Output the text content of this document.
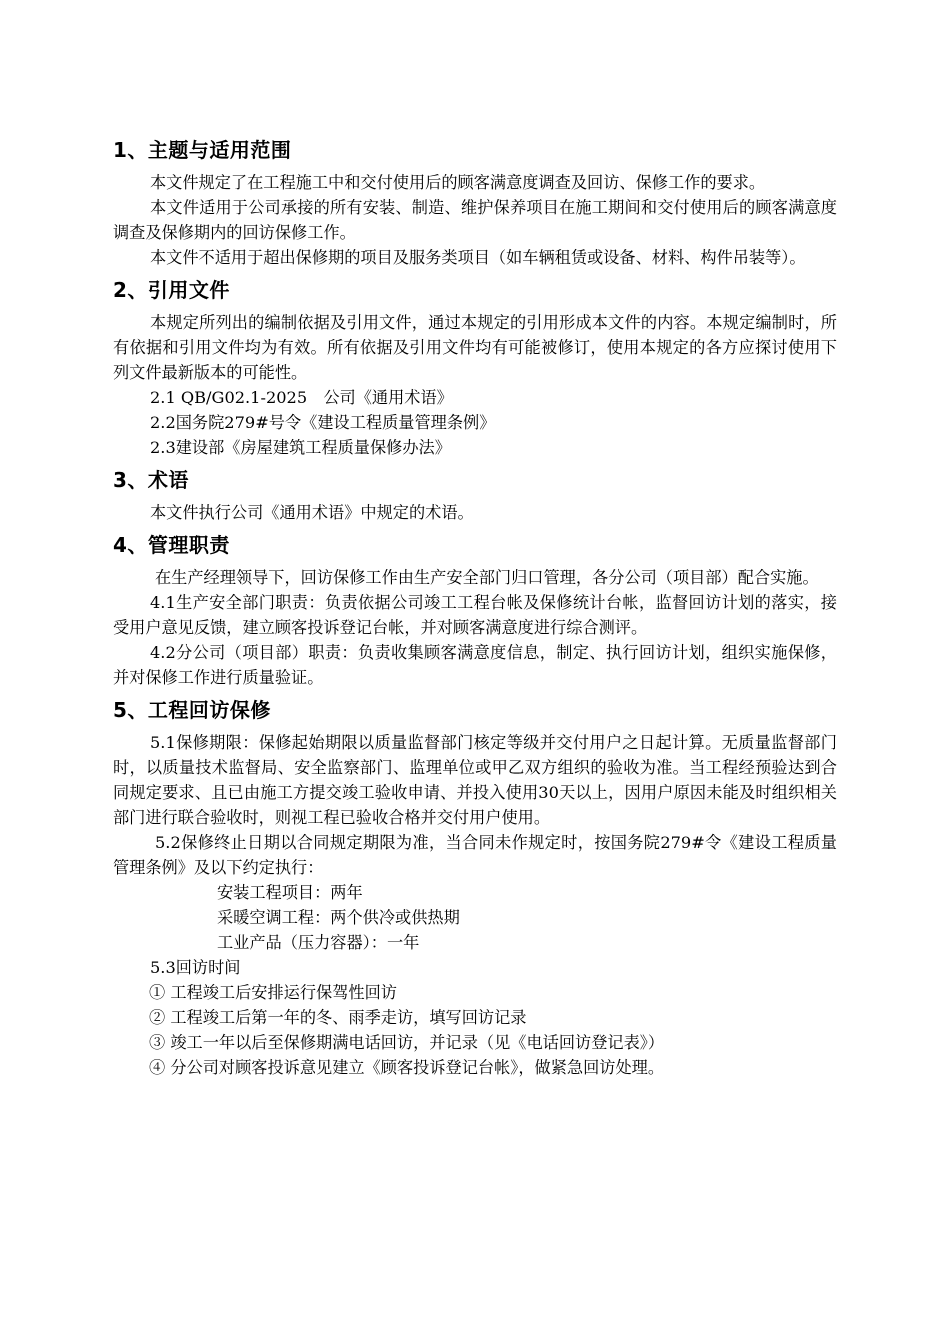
1、主题与适用范围

本文件规定了在工程施工中和交付使用后的顾客满意度调查及回访、保修工作的要求。

本文件适用于公司承接的所有安装、制造、维护保养项目在施工期间和交付使用后的顾客满意度调查及保修期内的回访保修工作。

本文件不适用于超出保修期的项目及服务类项目（如车辆租赁或设备、材料、构件吊装等）。

2、引用文件

本规定所列出的编制依据及引用文件，通过本规定的引用形成本文件的内容。本规定编制时，所有依据和引用文件均为有效。所有依据及引用文件均有可能被修订，使用本规定的各方应探讨使用下列文件最新版本的可能性。

2.1 QB/G02.1-2025　公司《通用术语》

2.2国务院279#号令《建设工程质量管理条例》

2.3建设部《房屋建筑工程质量保修办法》

3、术语

本文件执行公司《通用术语》中规定的术语。

4、管理职责

在生产经理领导下，回访保修工作由生产安全部门归口管理，各分公司（项目部）配合实施。

4.1生产安全部门职责：负责依据公司竣工工程台帐及保修统计台帐，监督回访计划的落实，接受用户意见反馈，建立顾客投诉登记台帐，并对顾客满意度进行综合测评。

4.2分公司（项目部）职责：负责收集顾客满意度信息，制定、执行回访计划，组织实施保修，并对保修工作进行质量验证。

5、工程回访保修

5.1保修期限：保修起始期限以质量监督部门核定等级并交付用户之日起计算。无质量监督部门时，以质量技术监督局、安全监察部门、监理单位或甲乙双方组织的验收为准。当工程经预验达到合同规定要求、且已由施工方提交竣工验收申请、并投入使用30天以上，因用户原因未能及时组织相关部门进行联合验收时，则视工程已验收合格并交付用户使用。

5.2保修终止日期以合同规定期限为准，当合同未作规定时，按国务院279#令《建设工程质量管理条例》及以下约定执行：

安装工程项目：两年

采暖空调工程：两个供冷或供热期

工业产品（压力容器）：一年

5.3回访时间

① 工程竣工后安排运行保驾性回访

② 工程竣工后第一年的冬、雨季走访，填写回访记录

③ 竣工一年以后至保修期满电话回访，并记录（见《电话回访登记表》）

④ 分公司对顾客投诉意见建立《顾客投诉登记台帐》，做紧急回访处理。
